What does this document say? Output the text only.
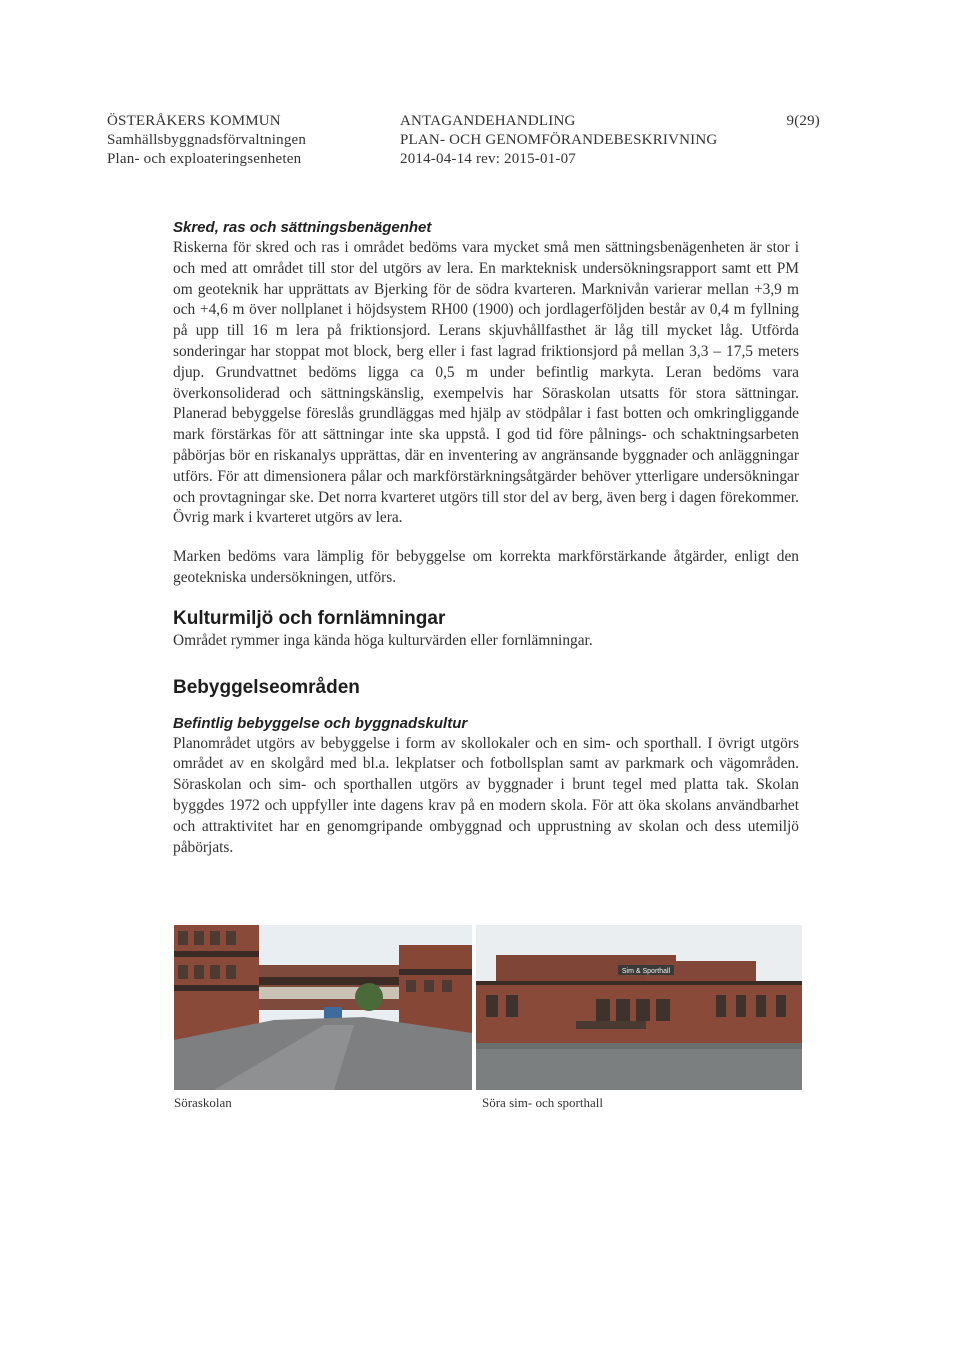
ÖSTERÅKERS KOMMUN
Samhällsbyggnadsförvaltningen
Plan- och exploateringsenheten
ANTAGANDEHANDLING
PLAN- OCH GENOMFÖRANDEBESKRIVNING
2014-04-14 rev: 2015-01-07
9(29)
Skred, ras och sättningsbenägenhet

Riskerna för skred och ras i området bedöms vara mycket små men sättningsbenägenheten är stor i och med att området till stor del utgörs av lera. En markteknisk undersökningsrapport samt ett PM om geoteknik har upprättats av Bjerking för de södra kvarteren. Marknivån varierar mellan +3,9 m och +4,6 m över nollplanet i höjdsystem RH00 (1900) och jordlagerföljden består av 0,4 m fyllning på upp till 16 m lera på friktionsjord. Lerans skjuvhållfasthet är låg till mycket låg. Utförda sonderingar har stoppat mot block, berg eller i fast lagrad friktionsjord på mellan 3,3 – 17,5 meters djup. Grundvattnet bedöms ligga ca 0,5 m under befintlig markyta. Leran bedöms vara överkonsoliderad och sättningskänslig, exempelvis har Söraskolan utsatts för stora sättningar. Planerad bebyggelse föreslås grundläggas med hjälp av stödpålar i fast botten och omkringliggande mark förstärkas för att sättningar inte ska uppstå. I god tid före pålnings- och schaktningsarbeten påbörjas bör en riskanalys upprättas, där en inventering av angränsande byggnader och anläggningar utförs. För att dimensionera pålar och markförstärkningsåtgärder behöver ytterligare undersökningar och provtagningar ske. Det norra kvarteret utgörs till stor del av berg, även berg i dagen förekommer. Övrig mark i kvarteret utgörs av lera.

Marken bedöms vara lämplig för bebyggelse om korrekta markförstärkande åtgärder, enligt den geotekniska undersökningen, utförs.

Kulturmiljö och fornlämningar

Området rymmer inga kända höga kulturvärden eller fornlämningar.

Bebyggelseområden
Befintlig bebyggelse och byggnadskultur

Planområdet utgörs av bebyggelse i form av skollokaler och en sim- och sporthall. I övrigt utgörs området av en skolgård med bl.a. lekplatser och fotbollsplan samt av parkmark och vägområden. Söraskolan och sim- och sporthallen utgörs av byggnader i brunt tegel med platta tak. Skolan byggdes 1972 och uppfyller inte dagens krav på en modern skola. För att öka skolans användbarhet och attraktivitet har en genomgripande ombyggnad och upprustning av skolan och dess utemiljö påbörjats.

Söraskolan
Sim & Sporthall
Söra sim- och sporthall
